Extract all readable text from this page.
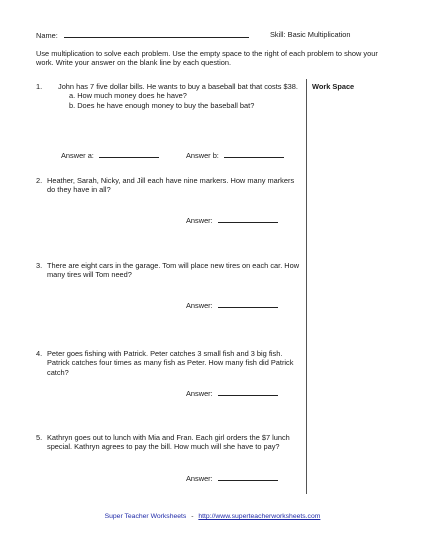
Name:	Skill: Basic Multiplication
Use multiplication to solve each problem. Use the empty space to the right of each problem to show your work. Write your answer on the blank line by each question.
Work Space
1.	John has 7 five dollar bills. He wants to buy a baseball bat that costs $38.
a. How much money does he have?
b. Does he have enough money to buy the baseball bat?
Answer a:	Answer b:
2. Heather, Sarah, Nicky, and Jill each have nine markers. How many markers do they have in all?
Answer:
3. There are eight cars in the garage. Tom will place new tires on each car. How many tires will Tom need?
Answer:
4. Peter goes fishing with Patrick. Peter catches 3 small fish and 3 big fish. Patrick catches four times as many fish as Peter. How many fish did Patrick catch?
Answer:
5. Kathryn goes out to lunch with Mia and Fran. Each girl orders the $7 lunch special. Kathryn agrees to pay the bill. How much will she have to pay?
Answer:
Super Teacher Worksheets - http://www.superteacherworksheets.com
